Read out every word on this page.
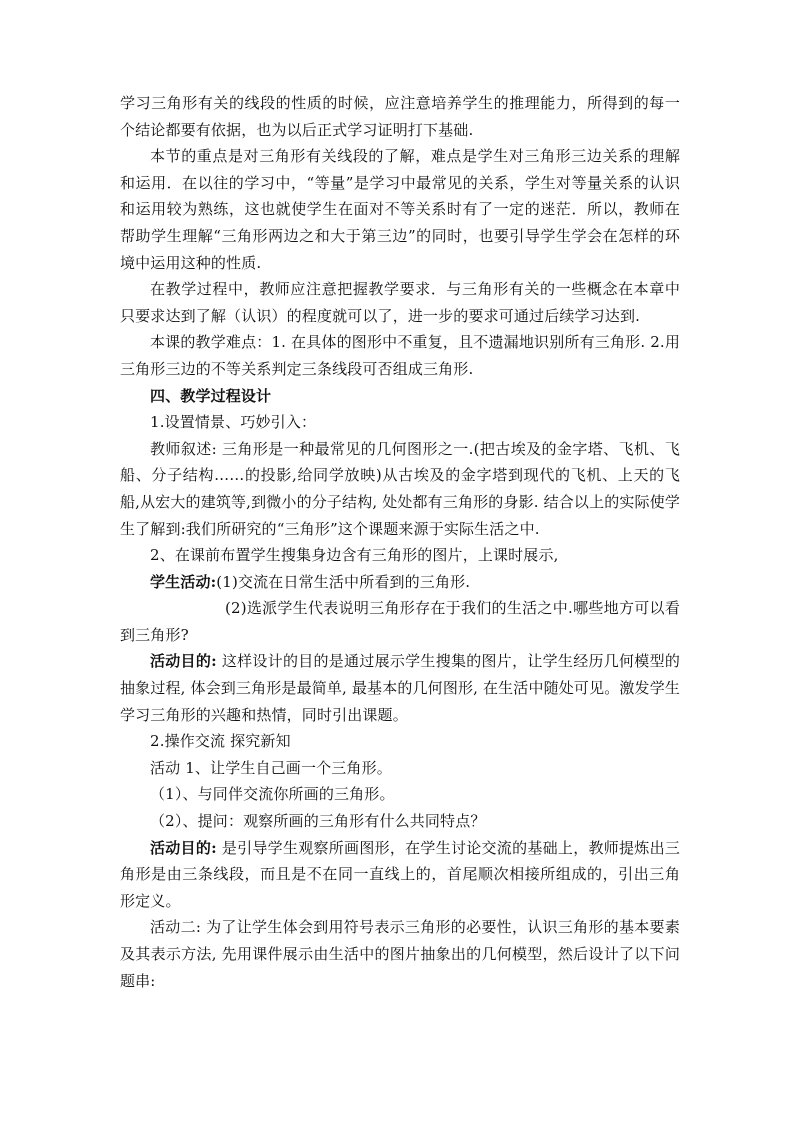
学习三角形有关的线段的性质的时候，应注意培养学生的推理能力，所得到的每一个结论都要有依据，也为以后正式学习证明打下基础.

本节的重点是对三角形有关线段的了解，难点是学生对三角形三边关系的理解和运用．在以往的学习中，“等量”是学习中最常见的关系，学生对等量关系的认识和运用较为熟练，这也就使学生在面对不等关系时有了一定的迷茫．所以，教师在帮助学生理解“三角形两边之和大于第三边”的同时，也要引导学生学会在怎样的环境中运用这种的性质.

在教学过程中，教师应注意把握教学要求．与三角形有关的一些概念在本章中只要求达到了解（认识）的程度就可以了，进一步的要求可通过后续学习达到.

本课的教学难点：1. 在具体的图形中不重复，且不遗漏地识别所有三角形. 2.用三角形三边的不等关系判定三条线段可否组成三角形.

四、教学过程设计

1.设置情景、巧妙引入：

教师叙述: 三角形是一种最常见的几何图形之一.(把古埃及的金字塔、飞机、飞船、分子结构……的投影,给同学放映)从古埃及的金字塔到现代的飞机、上天的飞船,从宏大的建筑等,到微小的分子结构, 处处都有三角形的身影. 结合以上的实际使学生了解到:我们所研究的“三角形”这个课题来源于实际生活之中.

2、在课前布置学生搜集身边含有三角形的图片，上课时展示,

学生活动:(1)交流在日常生活中所看到的三角形.

(2)选派学生代表说明三角形存在于我们的生活之中.哪些地方可以看到三角形?

活动目的: 这样设计的目的是通过展示学生搜集的图片，让学生经历几何模型的抽象过程, 体会到三角形是最简单, 最基本的几何图形, 在生活中随处可见。激发学生学习三角形的兴趣和热情，同时引出课题。

2.操作交流 探究新知

活动 1、让学生自己画一个三角形。

（1）、与同伴交流你所画的三角形。

（2）、提问：观察所画的三角形有什么共同特点？

活动目的: 是引导学生观察所画图形，在学生讨论交流的基础上，教师提炼出三角形是由三条线段，而且是不在同一直线上的，首尾顺次相接所组成的，引出三角形定义。

活动二: 为了让学生体会到用符号表示三角形的必要性，认识三角形的基本要素及其表示方法, 先用课件展示由生活中的图片抽象出的几何模型，然后设计了以下问题串:
